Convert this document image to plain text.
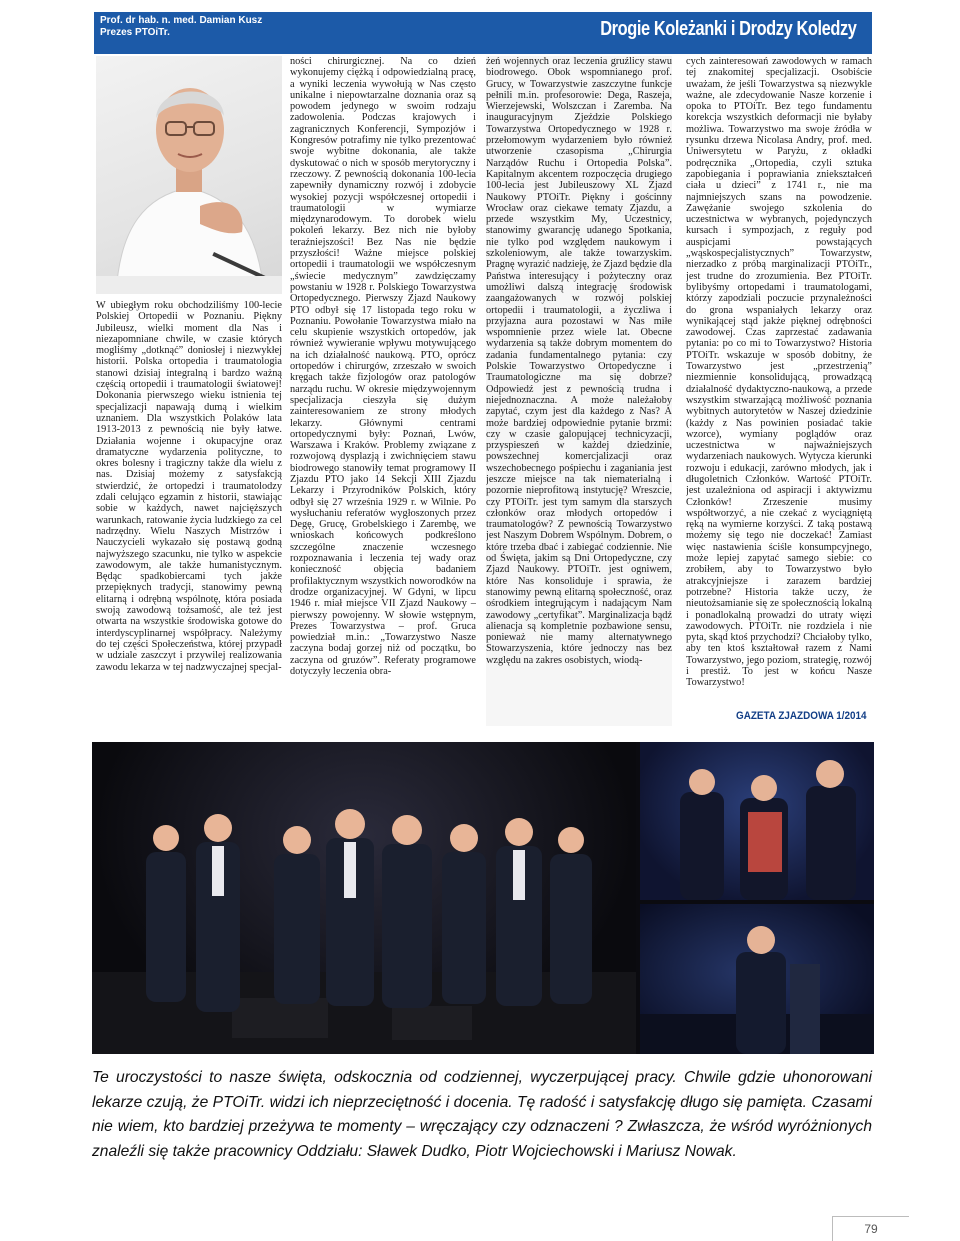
Prof. dr hab. n. med. Damian Kusz
Prezes PTOiTr.	Drogie Koleżanki i Drodzy Koledzy

W ubiegłym roku obchodziliśmy 100-lecie Polskiej Ortopedii w Poznaniu. Piękny Jubileusz, wielki moment dla Nas i niezapomniane chwile, w czasie których mogliśmy „dotknąć” doniosłej i niezwykłej historii. Polska ortopedia i traumatologia stanowi dzisiaj integralną i bardzo ważną częścią ortopedii i traumatologii światowej! Dokonania pierwszego wieku istnienia tej specjalizacji napawają dumą i wielkim uznaniem. Dla wszystkich Polaków lata 1913-2013 z pewnością nie były łatwe. Działania wojenne i okupacyjne oraz dramatyczne wydarzenia polityczne, to okres bolesny i tragiczny także dla wielu z nas. Dzisiaj możemy z satysfakcją stwierdzić, że ortopedzi i traumatolodzy zdali celująco egzamin z historii, stawiając sobie w każdych, nawet najcięższych warunkach, ratowanie życia ludzkiego za cel nadrzędny. Wielu Naszych Mistrzów i Nauczycieli wykazało się postawą godną najwyższego szacunku, nie tylko w aspekcie zawodowym, ale także humanistycznym. Będąc spadkobiercami tych jakże przepięknych tradycji, stanowimy pewną elitarną i odrębną wspólnotę, która posiada swoją zawodową tożsamość, ale też jest otwarta na wszystkie środowiska gotowe do interdyscyplinarnej współpracy. Należymy do tej części Społeczeństwa, której przypadł w udziale zaszczyt i przywilej realizowania zawodu lekarza w tej nadzwyczajnej specjal-

ności chirurgicznej. Na co dzień wykonujemy ciężką i odpowiedzialną pracę, a wyniki leczenia wywołują w Nas często unikalne i niepowtarzalne doznania oraz są powodem jedynego w swoim rodzaju zadowolenia. Podczas krajowych i zagranicznych Konferencji, Sympozjów i Kongresów potrafimy nie tylko prezentować swoje wybitne dokonania, ale także dyskutować o nich w sposób merytoryczny i rzeczowy. Z pewnością dokonania 100-lecia zapewniły dynamiczny rozwój i zdobycie wysokiej pozycji współczesnej ortopedii i traumatologii w wymiarze międzynarodowym. To dorobek wielu pokoleń lekarzy. Bez nich nie byłoby teraźniejszości! Bez Nas nie będzie przyszłości! Ważne miejsce polskiej ortopedii i traumatologii we współczesnym „świecie medycznym” zawdzięczamy powstaniu w 1928 r. Polskiego Towarzystwa Ortopedycznego. Pierwszy Zjazd Naukowy PTO odbył się 17 listopada tego roku w Poznaniu. Powołanie Towarzystwa miało na celu skupienie wszystkich ortopedów, jak również wywieranie wpływu motywującego na ich działalność naukową. PTO, oprócz ortopedów i chirurgów, zrzeszało w swoich kręgach także fizjologów oraz patologów narządu ruchu. W okresie międzywojennym specjalizacja cieszyła się dużym zainteresowaniem ze strony młodych lekarzy. Głównymi centrami ortopedycznymi były: Poznań, Lwów, Warszawa i Kraków. Problemy związane z rozwojową dysplazją i zwichnięciem stawu biodrowego stanowiły temat programowy II Zjazdu PTO jako 14 Sekcji XIII Zjazdu Lekarzy i Przyrodników Polskich, który odbył się 27 września 1929 r. w Wilnie. Po wysłuchaniu referatów wygłoszonych przez Degę, Grucę, Grobelskiego i Zarembę, we wnioskach końcowych podkreślono szczególne znaczenie wczesnego rozpoznawania i leczenia tej wady oraz konieczność objęcia badaniem profilaktycznym wszystkich noworodków na drodze organizacyjnej. W Gdyni, w lipcu 1946 r. miał miejsce VII Zjazd Naukowy – pierwszy powojenny. W słowie wstępnym, Prezes Towarzystwa – prof. Gruca powiedział m.in.: „Towarzystwo Nasze zaczyna bodaj gorzej niż od początku, bo zaczyna od gruzów”. Referaty programowe dotyczyły leczenia obra-

żeń wojennych oraz leczenia gruźlicy stawu biodrowego. Obok wspomnianego prof. Grucy, w Towarzystwie zaszczytne funkcje pełnili m.in. profesorowie: Dega, Raszeja, Wierzejewski, Wolszczan i Zaremba. Na inauguracyjnym Zjeździe Polskiego Towarzystwa Ortopedycznego w 1928 r. przełomowym wydarzeniem było również utworzenie czasopisma „Chirurgia Narządów Ruchu i Ortopedia Polska”. Kapitalnym akcentem rozpoczęcia drugiego 100-lecia jest Jubileuszowy XL Zjazd Naukowy PTOiTr. Piękny i gościnny Wrocław oraz ciekawe tematy Zjazdu, a przede wszystkim My, Uczestnicy, stanowimy gwarancję udanego Spotkania, nie tylko pod względem naukowym i szkoleniowym, ale także towarzyskim. Pragnę wyrazić nadzieję, że Zjazd będzie dla Państwa interesujący i pożyteczny oraz umożliwi dalszą integrację środowisk zaangażowanych w rozwój polskiej ortopedii i traumatologii, a życzliwa i przyjazna aura pozostawi w Nas miłe wspomnienie przez wiele lat. Obecne wydarzenia są także dobrym momentem do zadania fundamentalnego pytania: czy Polskie Towarzystwo Ortopedyczne i Traumatologiczne ma się dobrze? Odpowiedź jest z pewnością trudna i niejednoznaczna. A może należałoby zapytać, czym jest dla każdego z Nas? A może bardziej odpowiednie pytanie brzmi: czy w czasie galopującej technicyzacji, przyspieszeń w każdej dziedzinie, powszechnej komercjalizacji oraz wszechobecnego pośpiechu i zaganiania jest jeszcze miejsce na tak niematerialną i pozornie nieprofitową instytucję? Wreszcie, czy PTOiTr. jest tym samym dla starszych członków oraz młodych ortopedów i traumatologów? Z pewnością Towarzystwo jest Naszym Dobrem Wspólnym. Dobrem, o które trzeba dbać i zabiegać codziennie. Nie od Święta, jakim są Dni Ortopedyczne, czy Zjazd Naukowy. PTOiTr. jest ogniwem, które Nas konsoliduje i sprawia, że stanowimy pewną elitarną społeczność, oraz ośrodkiem integrującym i nadającym Nam zawodowy „certyfikat”. Marginalizacja bądź alienacja są kompletnie pozbawione sensu, ponieważ nie mamy alternatywnego Stowarzyszenia, które jednoczy nas bez względu na zakres osobistych, wiodą-

cych zainteresowań zawodowych w ramach tej znakomitej specjalizacji. Osobiście uważam, że jeśli Towarzystwa są niezwykle ważne, ale zdecydowanie Nasze korzenie i opoka to PTOiTr. Bez tego fundamentu korekcja wszystkich deformacji nie byłaby możliwa. Towarzystwo ma swoje źródła w rysunku drzewa Nicolasa Andry, prof. med. Uniwersytetu w Paryżu, z okładki podręcznika „Ortopedia, czyli sztuka zapobiegania i poprawiania zniekształceń ciała u dzieci” z 1741 r., nie ma najmniejszych szans na powodzenie. Zawężanie swojego szkolenia do uczestnictwa w wybranych, pojedynczych kursach i sympozjach, z reguły pod auspicjami powstających „wąskospecjalistycznych” Towarzystw, nierzadko z próbą marginalizacji PTOiTr., jest trudne do zrozumienia. Bez PTOiTr. bylibyśmy ortopedami i traumatologami, którzy zapodziali poczucie przynależności do grona wspaniałych lekarzy oraz wynikającej stąd jakże pięknej odrębności zawodowej. Czas zaprzestać zadawania pytania: po co mi to Towarzystwo? Historia PTOiTr. wskazuje w sposób dobitny, że Towarzystwo jest „przestrzenią” niezmiennie konsolidującą, prowadzącą działalność dydaktyczno-naukową, a przede wszystkim stwarzającą możliwość poznania wybitnych autorytetów w Naszej dziedzinie (każdy z Nas powinien posiadać takie wzorce), wymiany poglądów oraz uczestnictwa w najważniejszych wydarzeniach naukowych. Wytycza kierunki rozwoju i edukacji, zarówno młodych, jak i długoletnich Członków. Wartość PTOiTr. jest uzależniona od aspiracji i aktywizmu Członków! Zrzeszenie musimy współtworzyć, a nie czekać z wyciągniętą ręką na wymierne korzyści. Z taką postawą możemy się tego nie doczekać! Zamiast więc nastawienia ściśle konsumpcyjnego, może lepiej zapytać samego siebie: co zrobiłem, aby to Towarzystwo było atrakcyjniejsze i zarazem bardziej potrzebne? Historia także uczy, że nieutożsamianie się ze społecznością lokalną i ponadlokalną prowadzi do utraty więzi zawodowych. PTOiTr. nie rozdziela i nie pyta, skąd ktoś przychodzi? Chciałoby tylko, aby ten ktoś kształtował razem z Nami Towarzystwo, jego poziom, strategię, rozwój i prestiż. To jest w końcu Nasze Towarzystwo!

GAZETA ZJAZDOWA 1/2014
Te uroczystości to nasze święta, odskocznia od codziennej, wyczerpującej pracy. Chwile gdzie uhonorowani lekarze czują, że PTOiTr. widzi ich nieprzeciętność i docenia. Tę radość i satysfakcję długo się pamięta. Czasami nie wiem, kto bardziej przeżywa te momenty – wręczający czy odznaczeni ? Zwłaszcza, że wśród wyróżnionych znaleźli się także pracownicy Oddziału: Sławek Dudko, Piotr Wojciechowski i Mariusz Nowak.
79
